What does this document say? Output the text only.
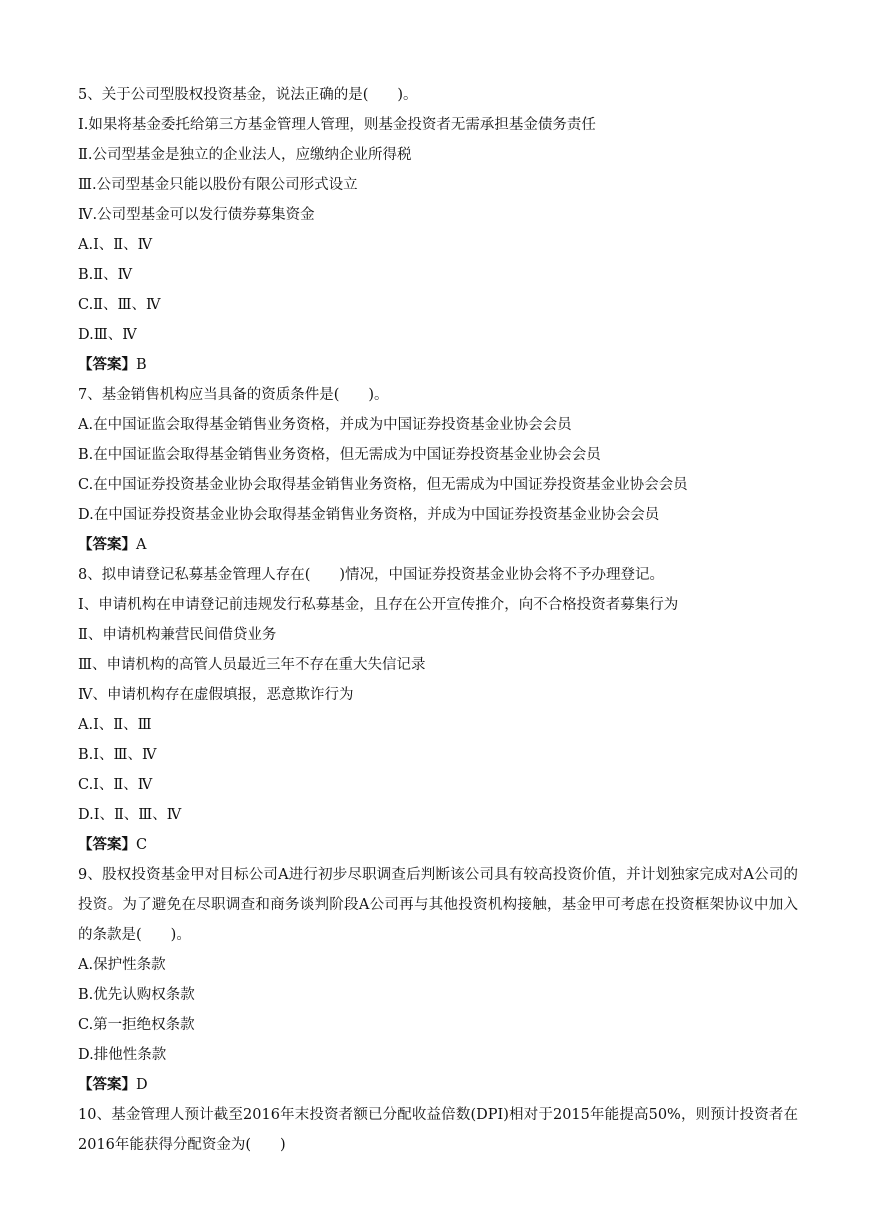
5、关于公司型股权投资基金，说法正确的是(　　)。
Ⅰ.如果将基金委托给第三方基金管理人管理，则基金投资者无需承担基金债务责任
Ⅱ.公司型基金是独立的企业法人，应缴纳企业所得税
Ⅲ.公司型基金只能以股份有限公司形式设立
Ⅳ.公司型基金可以发行债券募集资金
A.Ⅰ、Ⅱ、Ⅳ
B.Ⅱ、Ⅳ
C.Ⅱ、Ⅲ、Ⅳ
D.Ⅲ、Ⅳ
【答案】B
7、基金销售机构应当具备的资质条件是(　　)。
A.在中国证监会取得基金销售业务资格，并成为中国证券投资基金业协会会员
B.在中国证监会取得基金销售业务资格，但无需成为中国证券投资基金业协会会员
C.在中国证券投资基金业协会取得基金销售业务资格，但无需成为中国证券投资基金业协会会员
D.在中国证券投资基金业协会取得基金销售业务资格，并成为中国证券投资基金业协会会员
【答案】A
8、拟申请登记私募基金管理人存在(　　)情况，中国证券投资基金业协会将不予办理登记。
Ⅰ、申请机构在申请登记前违规发行私募基金，且存在公开宣传推介，向不合格投资者募集行为
Ⅱ、申请机构兼营民间借贷业务
Ⅲ、申请机构的高管人员最近三年不存在重大失信记录
Ⅳ、申请机构存在虚假填报，恶意欺诈行为
A.Ⅰ、Ⅱ、Ⅲ
B.Ⅰ、Ⅲ、Ⅳ
C.Ⅰ、Ⅱ、Ⅳ
D.Ⅰ、Ⅱ、Ⅲ、Ⅳ
【答案】C
9、股权投资基金甲对目标公司A进行初步尽职调查后判断该公司具有较高投资价值，并计划独家完成对A公司的投资。为了避免在尽职调查和商务谈判阶段A公司再与其他投资机构接触，基金甲可考虑在投资框架协议中加入的条款是(　　)。
A.保护性条款
B.优先认购权条款
C.第一拒绝权条款
D.排他性条款
【答案】D
10、基金管理人预计截至2016年末投资者额已分配收益倍数(DPI)相对于2015年能提高50%，则预计投资者在2016年能获得分配资金为(　　)
